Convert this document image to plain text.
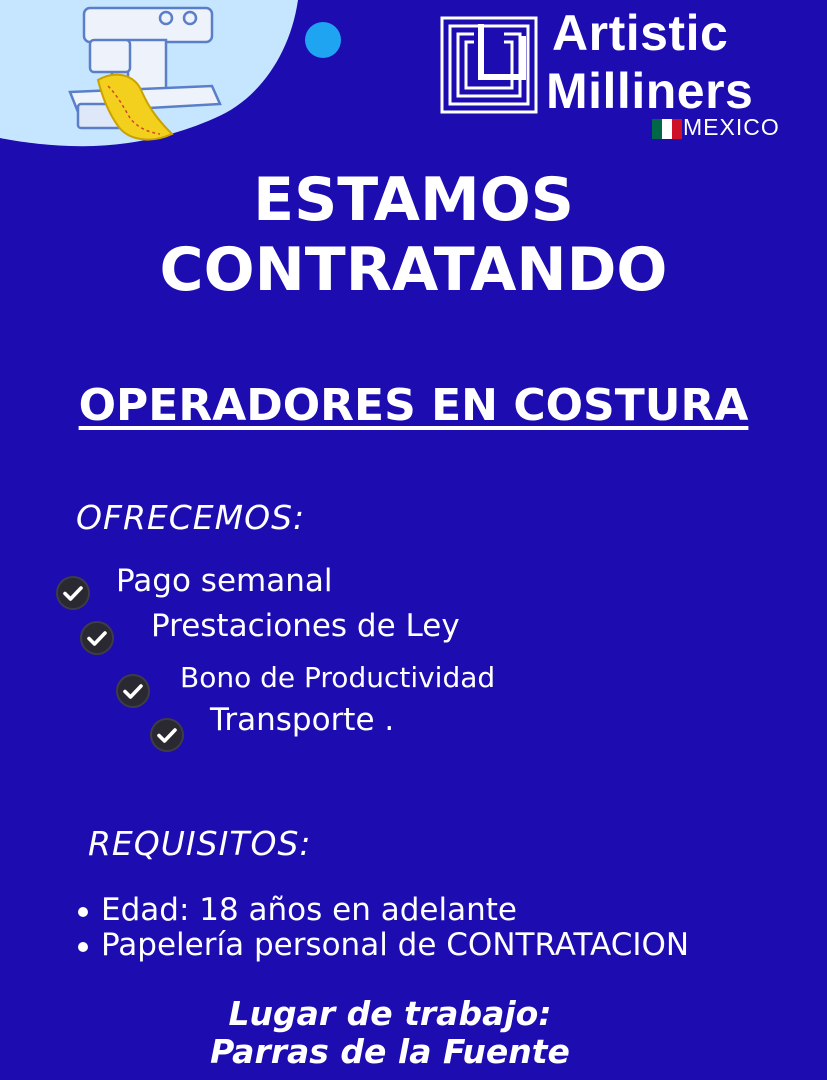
Artistic
Milliners
MEXICO
ESTAMOS
CONTRATANDO
OPERADORES EN COSTURA
OFRECEMOS:
Pago semanal
Prestaciones de Ley
Bono de Productividad
Transporte .
REQUISITOS:
Edad: 18 años en adelante
Papelería personal de CONTRATACION
Lugar de trabajo:
Parras de la Fuente
